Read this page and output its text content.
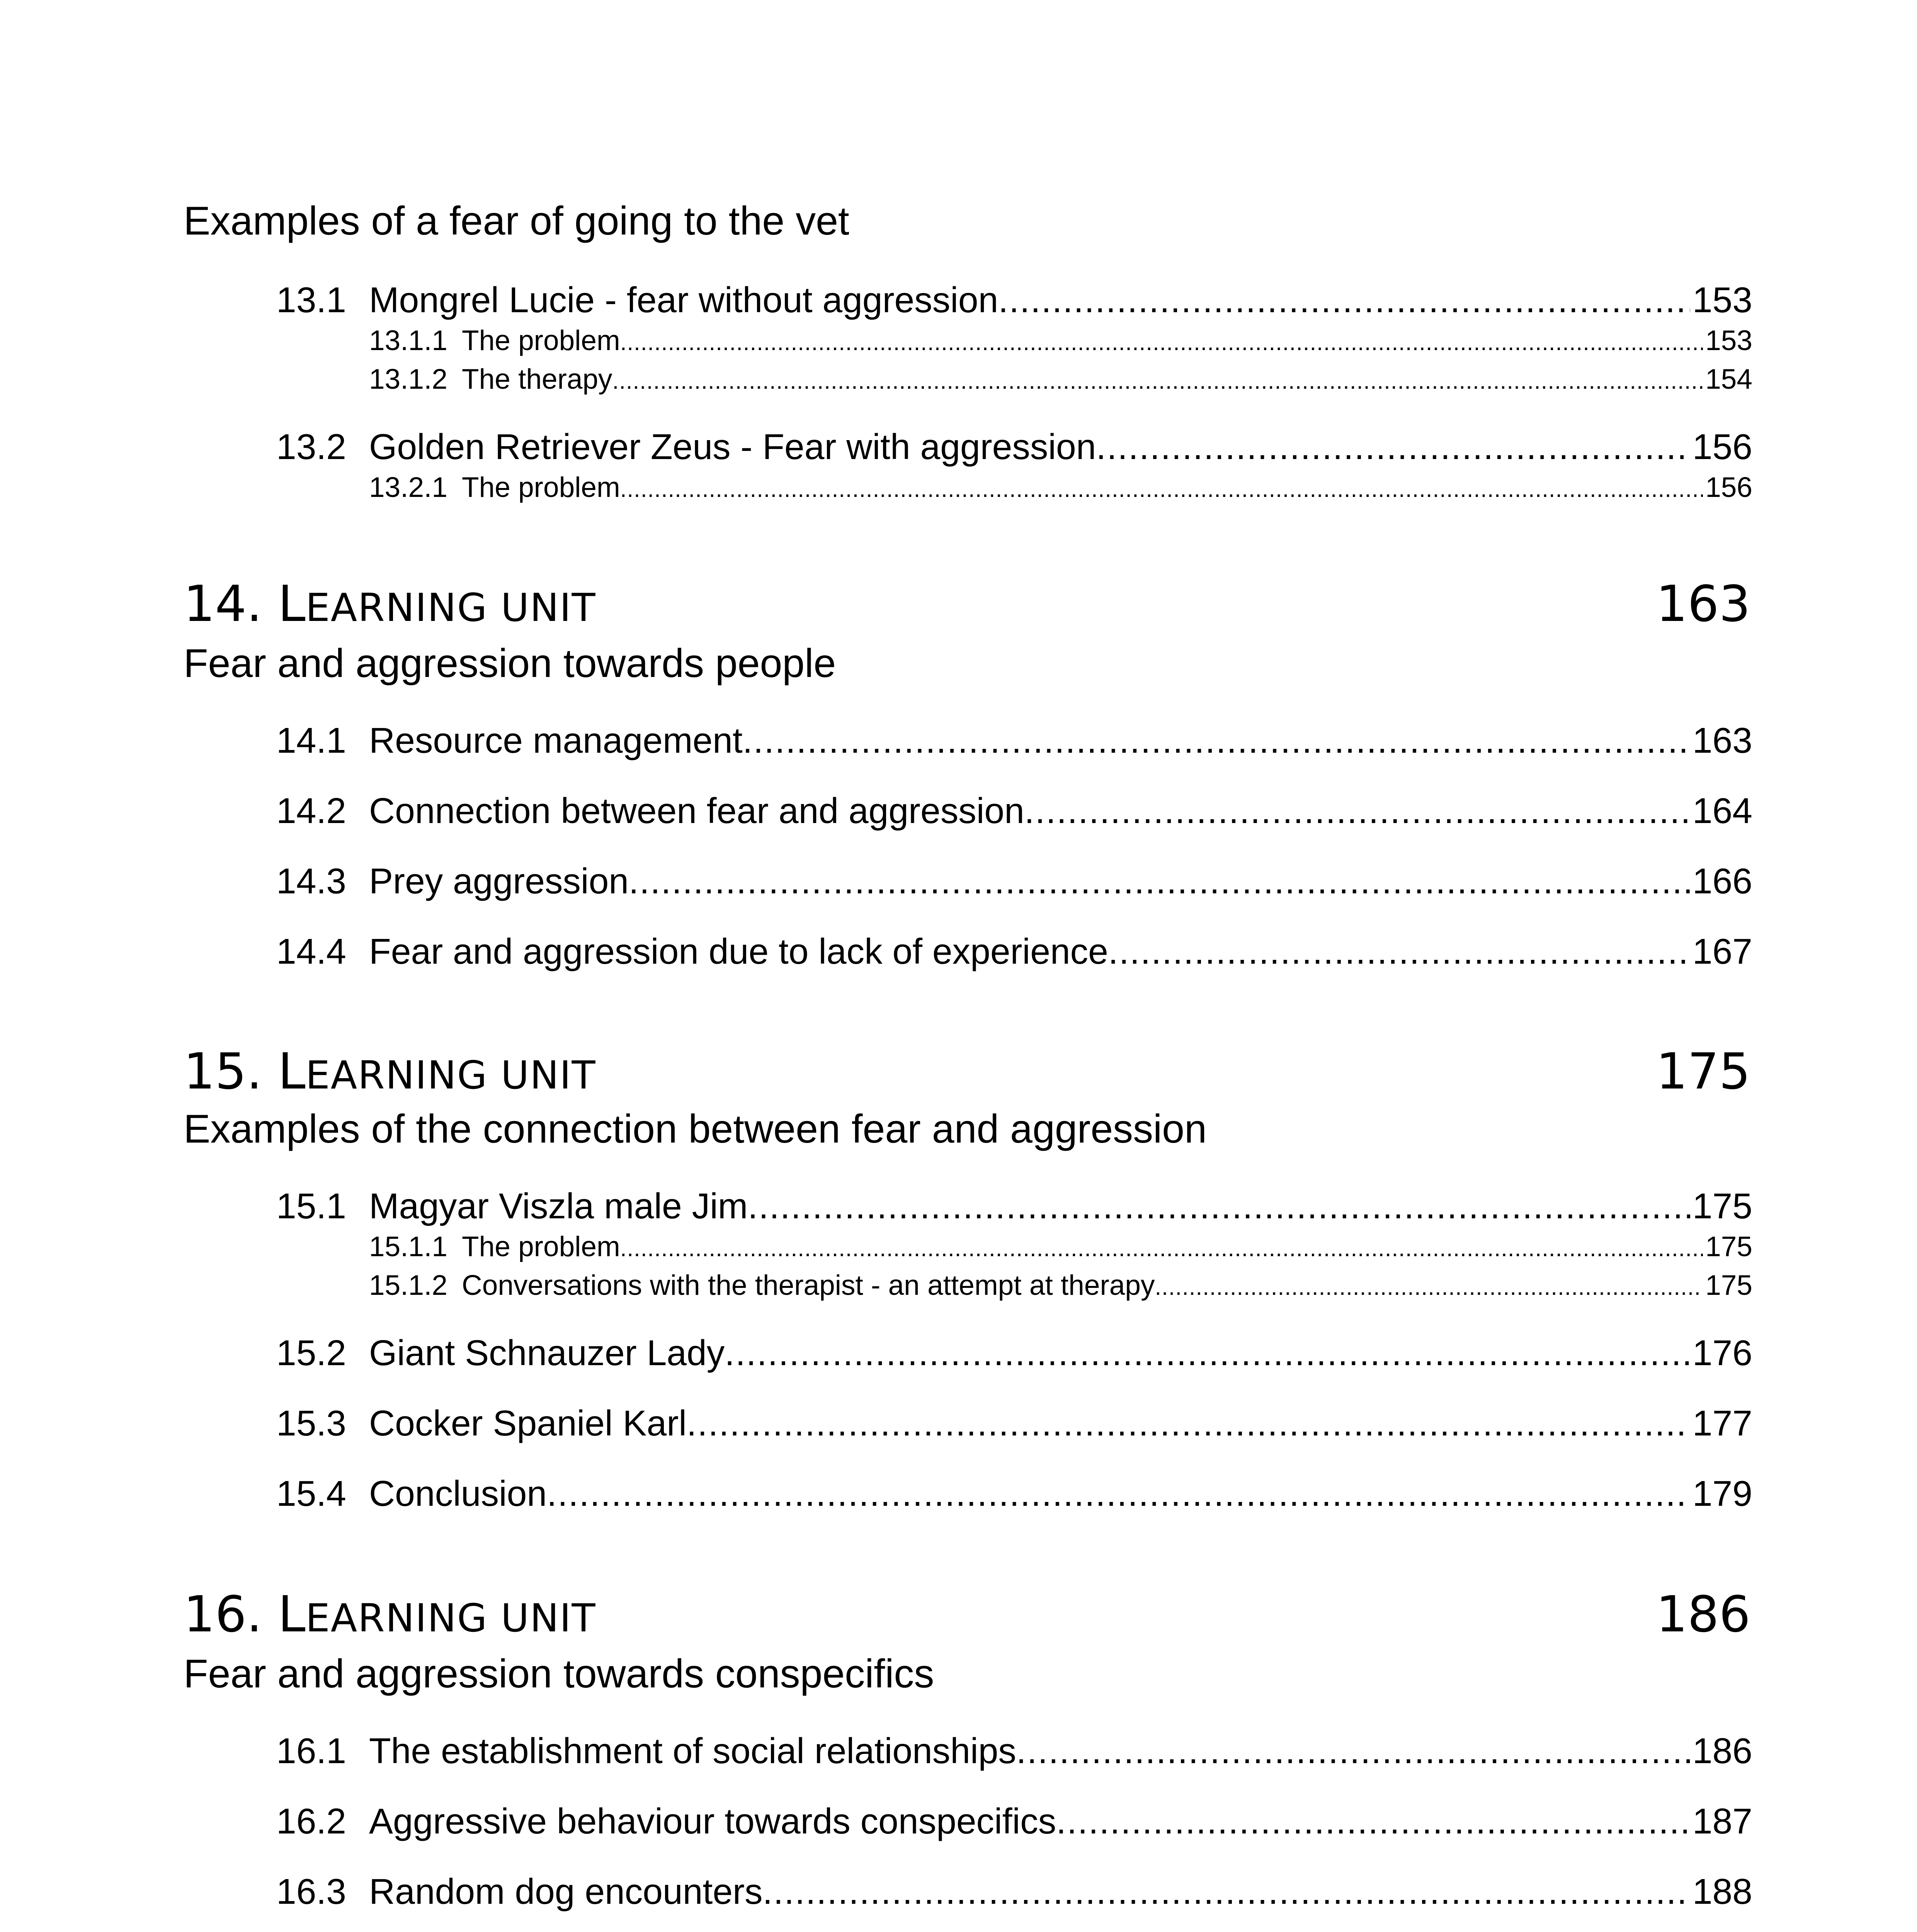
Examples of a fear of going to the vet
13.1 Mongrel Lucie - fear without aggression .....	153
13.1.1 The problem .....	153
13.1.2 The therapy .....	154
13.2 Golden Retriever Zeus - Fear with aggression .....	156
13.2.1 The problem .....	156
14. LEARNING UNIT	163
Fear and aggression towards people
14.1 Resource management .....	163
14.2 Connection between fear and aggression .....	164
14.3 Prey aggression .....	166
14.4 Fear and aggression due to lack of experience .....	167
15. LEARNING UNIT	175
Examples of the connection between fear and aggression
15.1 Magyar Viszla male Jim .....	175
15.1.1 The problem .....	175
15.1.2 Conversations with the therapist - an attempt at therapy .....	175
15.2 Giant Schnauzer Lady .....	176
15.3 Cocker Spaniel Karl .....	177
15.4 Conclusion .....	179
16. LEARNING UNIT	186
Fear and aggression towards conspecifics
16.1 The establishment of social relationships .....	186
16.2 Aggressive behaviour towards conspecifics .....	187
16.3 Random dog encounters .....	188
